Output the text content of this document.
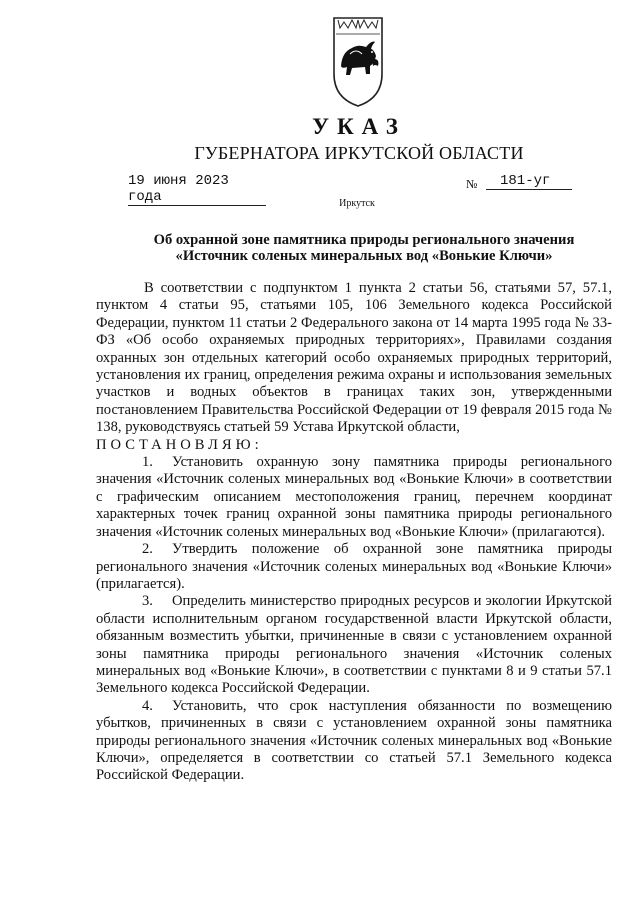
УКАЗ
ГУБЕРНАТОРА ИРКУТСКОЙ ОБЛАСТИ
19 июня 2023 года
№	181-уг
Иркутск
Об охранной зоне памятника природы регионального значения
«Источник соленых минеральных вод «Вонькие Ключи»

В соответствии с подпунктом 1 пункта 2 статьи 56, статьями 57, 57.1, пунктом 4 статьи 95, статьями 105, 106 Земельного кодекса Российской Федерации, пунктом 11 статьи 2 Федерального закона от 14 марта 1995 года № 33-ФЗ «Об особо охраняемых природных территориях», Правилами создания охранных зон отдельных категорий особо охраняемых природных территорий, установления их границ, определения режима охраны и использования земельных участков и водных объектов в границах таких зон, утвержденными постановлением Правительства Российской Федерации от 19 февраля 2015 года № 138, руководствуясь статьей 59 Устава Иркутской области,

ПОСТАНОВЛЯЮ:

1. Установить охранную зону памятника природы регионального значения «Источник соленых минеральных вод «Вонькие Ключи» в соответствии с графическим описанием местоположения границ, перечнем координат характерных точек границ охранной зоны памятника природы регионального значения «Источник соленых минеральных вод «Вонькие Ключи» (прилагаются).

2. Утвердить положение об охранной зоне памятника природы регионального значения «Источник соленых минеральных вод «Вонькие Ключи» (прилагается).

3. Определить министерство природных ресурсов и экологии Иркутской области исполнительным органом государственной власти Иркутской области, обязанным возместить убытки, причиненные в связи с установлением охранной зоны памятника природы регионального значения «Источник соленых минеральных вод «Вонькие Ключи», в соответствии с пунктами 8 и 9 статьи 57.1 Земельного кодекса Российской Федерации.

4. Установить, что срок наступления обязанности по возмещению убытков, причиненных в связи с установлением охранной зоны памятника природы регионального значения «Источник соленых минеральных вод «Вонькие Ключи», определяется в соответствии со статьей 57.1 Земельного кодекса Российской Федерации.
